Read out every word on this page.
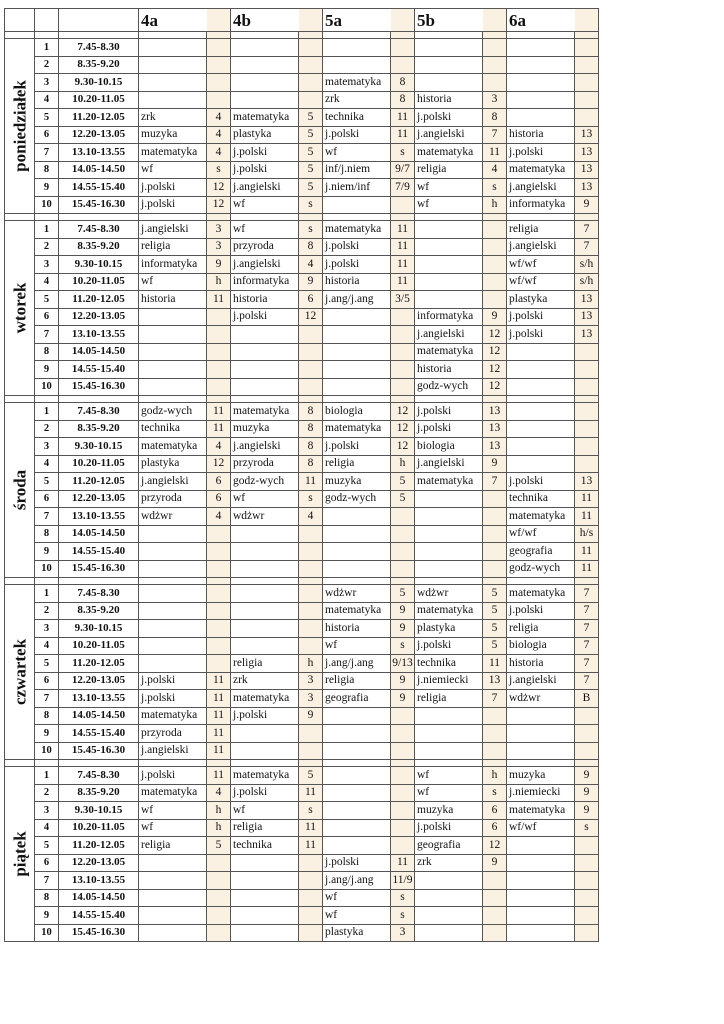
			4a		4b		5a		5b		6a	

poniedziałek	1	7.45-8.30										
	2	8.35-9.20										
	3	9.30-10.15					matematyka	8				
	4	10.20-11.05					zrk	8	historia	3		
	5	11.20-12.05	zrk	4	matematyka	5	technika	11	j.polski	8		
	6	12.20-13.05	muzyka	4	plastyka	5	j.polski	11	j.angielski	7	historia	13
	7	13.10-13.55	matematyka	4	j.polski	5	wf	s	matematyka	11	j.polski	13
	8	14.05-14.50	wf	s	j.polski	5	inf/j.niem	9/7	religia	4	matematyka	13
	9	14.55-15.40	j.polski	12	j.angielski	5	j.niem/inf	7/9	wf	s	j.angielski	13
	10	15.45-16.30	j.polski	12	wf	s			wf	h	informatyka	9

wtorek	1	7.45-8.30	j.angielski	3	wf	s	matematyka	11			religia	7
	2	8.35-9.20	religia	3	przyroda	8	j.polski	11			j.angielski	7
	3	9.30-10.15	informatyka	9	j.angielski	4	j.polski	11			wf/wf	s/h
	4	10.20-11.05	wf	h	informatyka	9	historia	11			wf/wf	s/h
	5	11.20-12.05	historia	11	historia	6	j.ang/j.ang	3/5			plastyka	13
	6	12.20-13.05			j.polski	12			informatyka	9	j.polski	13
	7	13.10-13.55							j.angielski	12	j.polski	13
	8	14.05-14.50							matematyka	12		
	9	14.55-15.40							historia	12		
	10	15.45-16.30							godz-wych	12		

środa	1	7.45-8.30	godz-wych	11	matematyka	8	biologia	12	j.polski	13		
	2	8.35-9.20	technika	11	muzyka	8	matematyka	12	j.polski	13		
	3	9.30-10.15	matematyka	4	j.angielski	8	j.polski	12	biologia	13		
	4	10.20-11.05	plastyka	12	przyroda	8	religia	h	j.angielski	9		
	5	11.20-12.05	j.angielski	6	godz-wych	11	muzyka	5	matematyka	7	j.polski	13
	6	12.20-13.05	przyroda	6	wf	s	godz-wych	5			technika	11
	7	13.10-13.55	wdżwr	4	wdżwr	4					matematyka	11
	8	14.05-14.50									wf/wf	h/s
	9	14.55-15.40									geografia	11
	10	15.45-16.30									godz-wych	11

czwartek	1	7.45-8.30					wdżwr	5	wdżwr	5	matematyka	7
	2	8.35-9.20					matematyka	9	matematyka	5	j.polski	7
	3	9.30-10.15					historia	9	plastyka	5	religia	7
	4	10.20-11.05					wf	s	j.polski	5	biologia	7
	5	11.20-12.05			religia	h	j.ang/j.ang	9/13	technika	11	historia	7
	6	12.20-13.05	j.polski	11	zrk	3	religia	9	j.niemiecki	13	j.angielski	7
	7	13.10-13.55	j.polski	11	matematyka	3	geografia	9	religia	7	wdżwr	B
	8	14.05-14.50	matematyka	11	j.polski	9						
	9	14.55-15.40	przyroda	11								
	10	15.45-16.30	j.angielski	11								

piątek	1	7.45-8.30	j.polski	11	matematyka	5			wf	h	muzyka	9
	2	8.35-9.20	matematyka	4	j.polski	11			wf	s	j.niemiecki	9
	3	9.30-10.15	wf	h	wf	s			muzyka	6	matematyka	9
	4	10.20-11.05	wf	h	religia	11			j.polski	6	wf/wf	s
	5	11.20-12.05	religia	5	technika	11			geografia	12		
	6	12.20-13.05					j.polski	11	zrk	9		
	7	13.10-13.55					j.ang/j.ang	11/9				
	8	14.05-14.50					wf	s				
	9	14.55-15.40					wf	s				
	10	15.45-16.30					plastyka	3				
